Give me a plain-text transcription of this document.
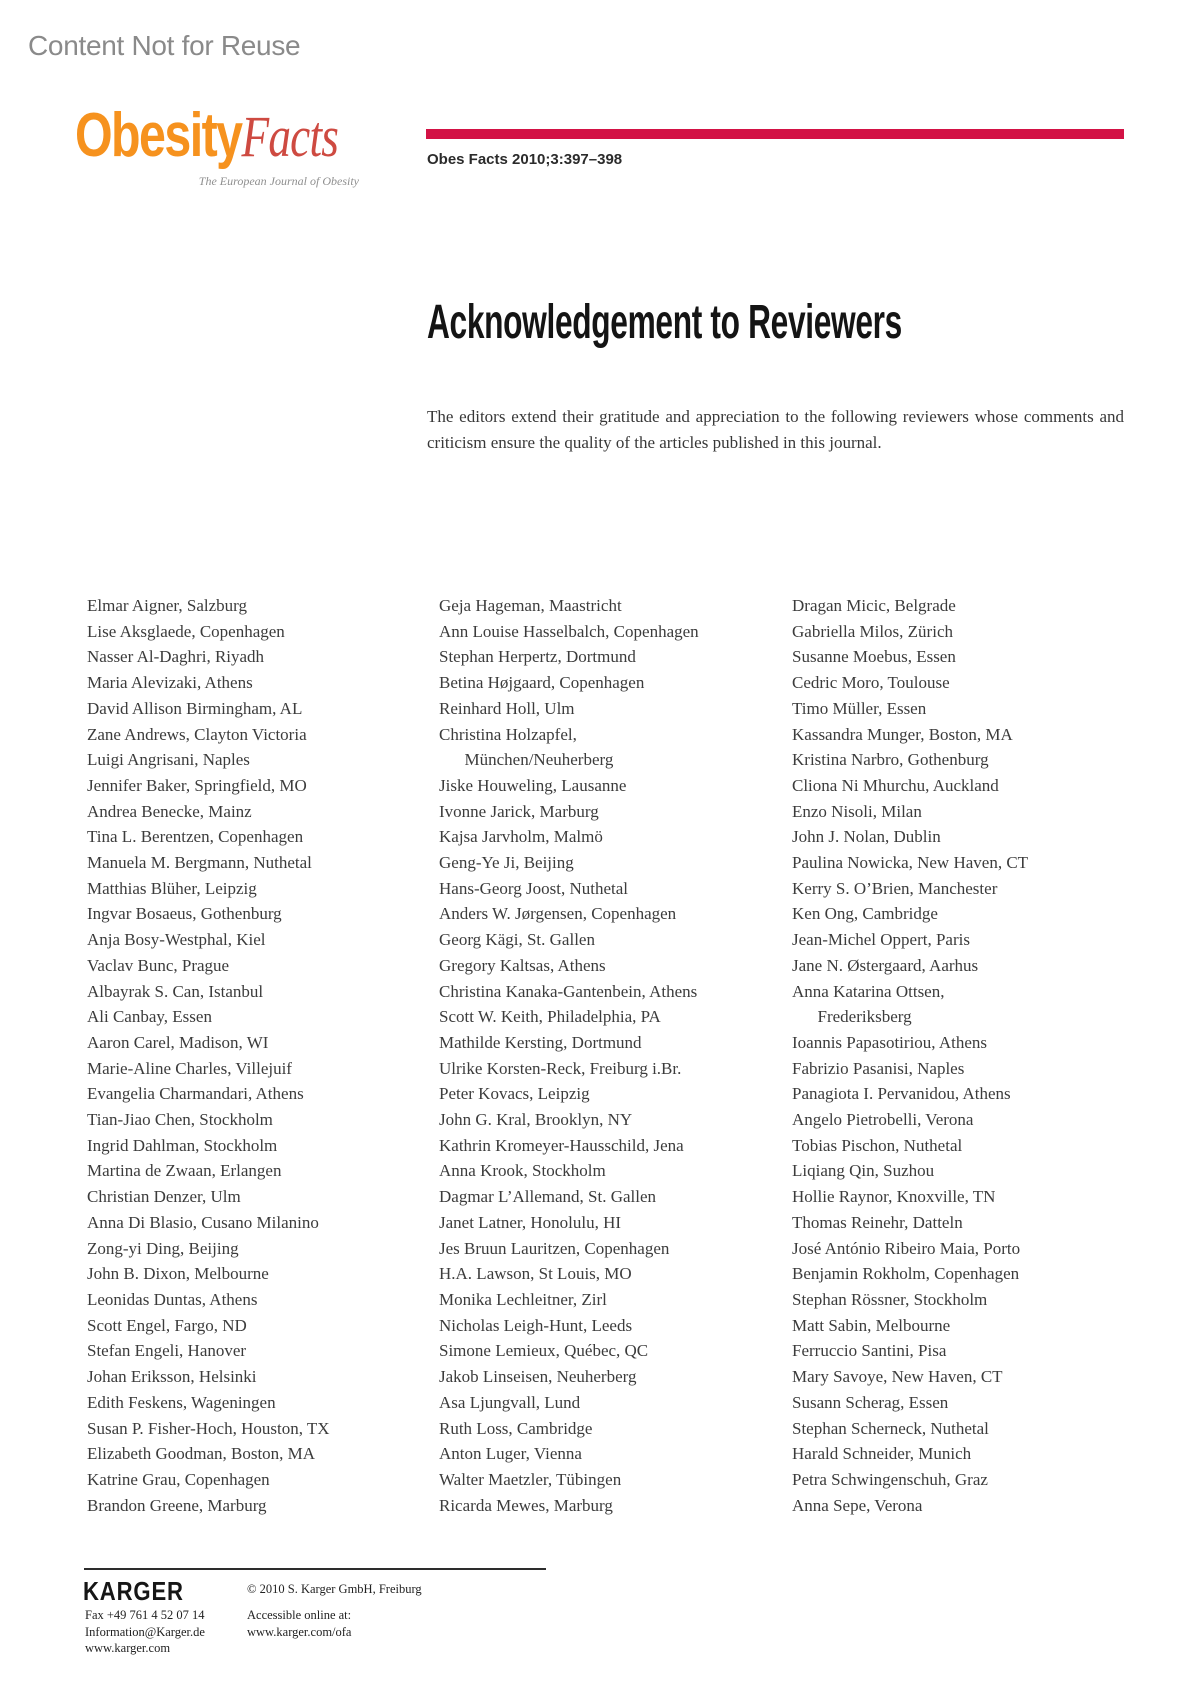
Content Not for Reuse
ObesityFacts
The European Journal of Obesity
Obes Facts 2010;3:397–398
Acknowledgement to Reviewers

The editors extend their gratitude and appreciation to the following reviewers whose comments and criticism ensure the quality of the articles published in this journal.

Elmar Aigner, Salzburg
Lise Aksglaede, Copenhagen
Nasser Al-Daghri, Riyadh
Maria Alevizaki, Athens
David Allison Birmingham, AL
Zane Andrews, Clayton Victoria
Luigi Angrisani, Naples
Jennifer Baker, Springfield, MO
Andrea Benecke, Mainz
Tina L. Berentzen, Copenhagen
Manuela M. Bergmann, Nuthetal
Matthias Blüher, Leipzig
Ingvar Bosaeus, Gothenburg
Anja Bosy-Westphal, Kiel
Vaclav Bunc, Prague
Albayrak S. Can, Istanbul
Ali Canbay, Essen
Aaron Carel, Madison, WI
Marie-Aline Charles, Villejuif
Evangelia Charmandari, Athens
Tian-Jiao Chen, Stockholm
Ingrid Dahlman, Stockholm
Martina de Zwaan, Erlangen
Christian Denzer, Ulm
Anna Di Blasio, Cusano Milanino
Zong-yi Ding, Beijing
John B. Dixon, Melbourne
Leonidas Duntas, Athens
Scott Engel, Fargo, ND
Stefan Engeli, Hanover
Johan Eriksson, Helsinki
Edith Feskens, Wageningen
Susan P. Fisher-Hoch, Houston, TX
Elizabeth Goodman, Boston, MA
Katrine Grau, Copenhagen
Brandon Greene, Marburg
Geja Hageman, Maastricht
Ann Louise Hasselbalch, Copenhagen
Stephan Herpertz, Dortmund
Betina Højgaard, Copenhagen
Reinhard Holl, Ulm
Christina Holzapfel,
München/Neuherberg
Jiske Houweling, Lausanne
Ivonne Jarick, Marburg
Kajsa Jarvholm, Malmö
Geng-Ye Ji, Beijing
Hans-Georg Joost, Nuthetal
Anders W. Jørgensen, Copenhagen
Georg Kägi, St. Gallen
Gregory Kaltsas, Athens
Christina Kanaka-Gantenbein, Athens
Scott W. Keith, Philadelphia, PA
Mathilde Kersting, Dortmund
Ulrike Korsten-Reck, Freiburg i.Br.
Peter Kovacs, Leipzig
John G. Kral, Brooklyn, NY
Kathrin Kromeyer-Hausschild, Jena
Anna Krook, Stockholm
Dagmar L’Allemand, St. Gallen
Janet Latner, Honolulu, HI
Jes Bruun Lauritzen, Copenhagen
H.A. Lawson, St Louis, MO
Monika Lechleitner, Zirl
Nicholas Leigh-Hunt, Leeds
Simone Lemieux, Québec, QC
Jakob Linseisen, Neuherberg
Asa Ljungvall, Lund
Ruth Loss, Cambridge
Anton Luger, Vienna
Walter Maetzler, Tübingen
Ricarda Mewes, Marburg
Dragan Micic, Belgrade
Gabriella Milos, Zürich
Susanne Moebus, Essen
Cedric Moro, Toulouse
Timo Müller, Essen
Kassandra Munger, Boston, MA
Kristina Narbro, Gothenburg
Cliona Ni Mhurchu, Auckland
Enzo Nisoli, Milan
John J. Nolan, Dublin
Paulina Nowicka, New Haven, CT
Kerry S. O’Brien, Manchester
Ken Ong, Cambridge
Jean-Michel Oppert, Paris
Jane N. Østergaard, Aarhus
Anna Katarina Ottsen,
Frederiksberg
Ioannis Papasotiriou, Athens
Fabrizio Pasanisi, Naples
Panagiota I. Pervanidou, Athens
Angelo Pietrobelli, Verona
Tobias Pischon, Nuthetal
Liqiang Qin, Suzhou
Hollie Raynor, Knoxville, TN
Thomas Reinehr, Datteln
José António Ribeiro Maia, Porto
Benjamin Rokholm, Copenhagen
Stephan Rössner, Stockholm
Matt Sabin, Melbourne
Ferruccio Santini, Pisa
Mary Savoye, New Haven, CT
Susann Scherag, Essen
Stephan Scherneck, Nuthetal
Harald Schneider, Munich
Petra Schwingenschuh, Graz
Anna Sepe, Verona
KARGER
Fax +49 761 4 52 07 14
Information@Karger.de
www.karger.com
© 2010 S. Karger GmbH, Freiburg
Accessible online at:
www.karger.com/ofa
